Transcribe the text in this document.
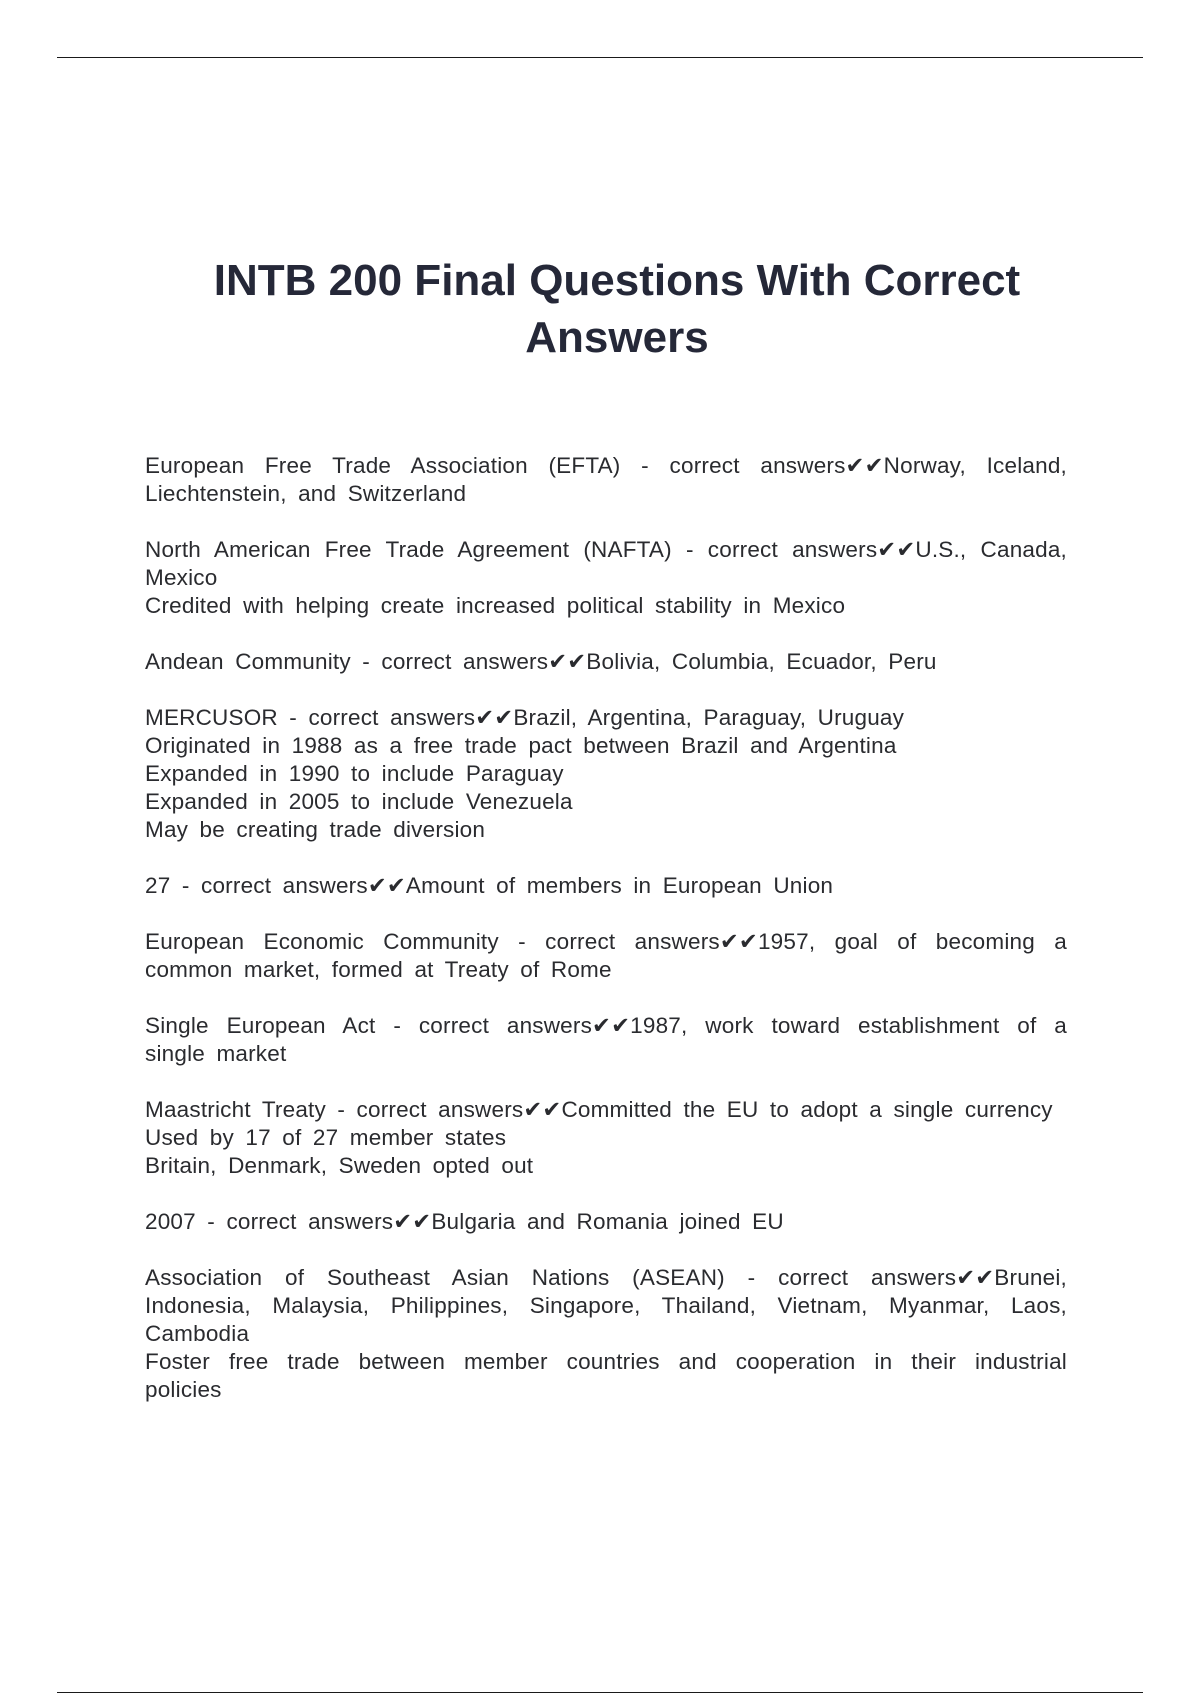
INTB 200 Final Questions With Correct Answers
European Free Trade Association (EFTA) - correct answers✔✔Norway, Iceland, Liechtenstein, and Switzerland
North American Free Trade Agreement (NAFTA) - correct answers✔✔U.S., Canada, Mexico
Credited with helping create increased political stability in Mexico
Andean Community - correct answers✔✔Bolivia, Columbia, Ecuador, Peru
MERCUSOR - correct answers✔✔Brazil, Argentina, Paraguay, Uruguay
Originated in 1988 as a free trade pact between Brazil and Argentina
Expanded in 1990 to include Paraguay
Expanded in 2005 to include Venezuela
May be creating trade diversion
27 - correct answers✔✔Amount of members in European Union
European Economic Community - correct answers✔✔1957, goal of becoming a common market, formed at Treaty of Rome
Single European Act - correct answers✔✔1987, work toward establishment of a single market
Maastricht Treaty - correct answers✔✔Committed the EU to adopt a single currency
Used by 17 of 27 member states
Britain, Denmark, Sweden opted out
2007 - correct answers✔✔Bulgaria and Romania joined EU
Association of Southeast Asian Nations (ASEAN) - correct answers✔✔Brunei, Indonesia, Malaysia, Philippines, Singapore, Thailand, Vietnam, Myanmar, Laos, Cambodia
Foster free trade between member countries and cooperation in their industrial policies
